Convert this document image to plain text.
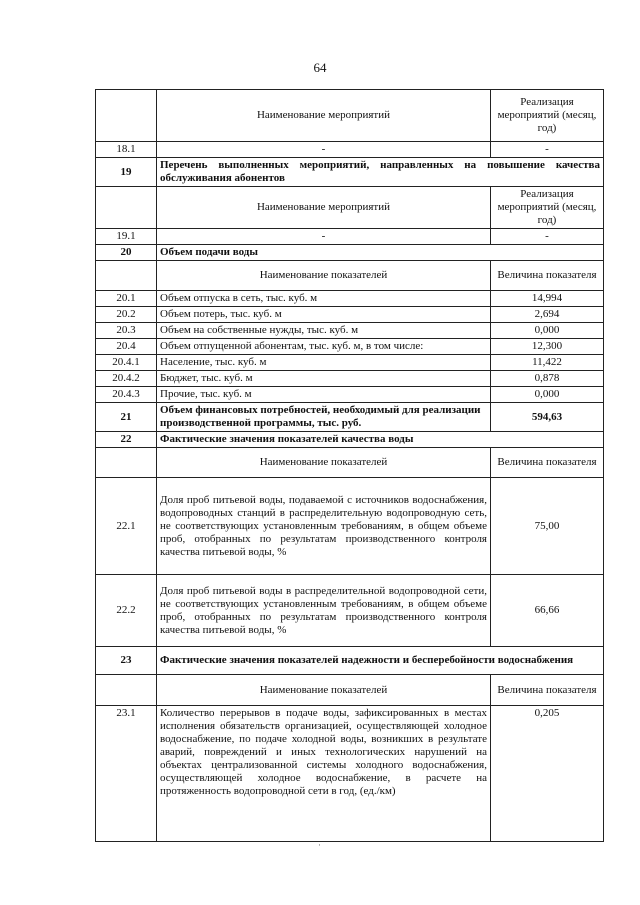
64
	Наименование мероприятий	Реализация мероприятий (месяц, год)
18.1	-	-
19	Перечень выполненных мероприятий, направленных на повышение качества обслуживания абонентов	
	Наименование мероприятий	Реализация мероприятий (месяц, год)
19.1	-	-
20	Объем подачи воды	
	Наименование показателей	Величина показателя
20.1	Объем отпуска в сеть, тыс. куб. м	14,994
20.2	Объем потерь, тыс. куб. м	2,694
20.3	Объем на собственные нужды, тыс. куб. м	0,000
20.4	Объем отпущенной абонентам, тыс. куб. м, в том числе:	12,300
20.4.1	Население, тыс. куб. м	11,422
20.4.2	Бюджет, тыс. куб. м	0,878
20.4.3	Прочие, тыс. куб. м	0,000
21	Объем финансовых потребностей, необходимый для реализации производственной программы, тыс. руб.	594,63
22	Фактические значения показателей качества воды	
	Наименование показателей	Величина показателя
22.1	Доля проб питьевой воды, подаваемой с источников водоснабжения, водопроводных станций в распределительную водопроводную сеть, не соответствующих установленным требованиям, в общем объеме проб, отобранных по результатам производственного контроля качества питьевой воды, %	75,00
22.2	Доля проб питьевой воды в распределительной водопроводной сети, не соответствующих установленным требованиям, в общем объеме проб, отобранных по результатам производственного контроля качества питьевой воды, %	66,66
23	Фактические значения показателей надежности и бесперебойности водоснабжения	
	Наименование показателей	Величина показателя
23.1	Количество перерывов в подаче воды, зафиксированных в местах исполнения обязательств организацией, осуществляющей холодное водоснабжение, по подаче холодной воды, возникших в результате аварий, повреждений и иных технологических нарушений на объектах централизованной системы холодного водоснабжения, осуществляющей холодное водоснабжение, в расчете на протяженность водопроводной сети в год, (ед./км)	0,205
·
